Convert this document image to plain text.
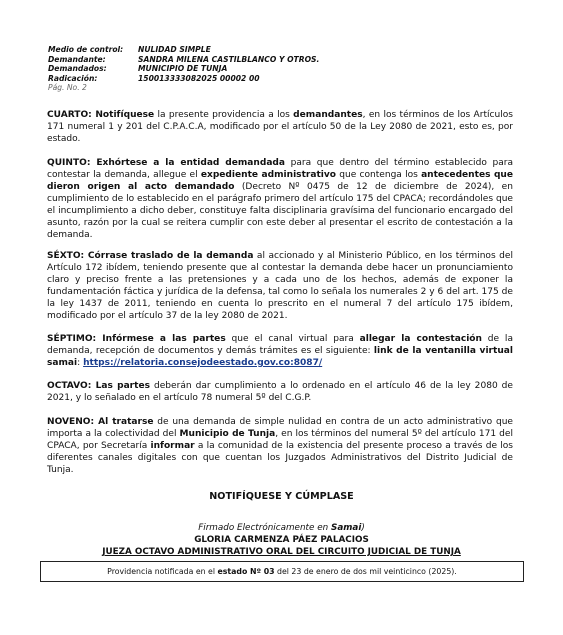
Medio de control:	NULIDAD SIMPLE
Demandante:	SANDRA MILENA CASTILBLANCO Y OTROS.
Demandados:	MUNICIPIO DE TUNJA
Radicación:	150013333082025 00002 00
Pág. No. 2

CUARTO: Notifíquese la presente providencia a los demandantes, en los términos de los Artículos 171 numeral 1 y 201 del C.P.A.C.A, modificado por el artículo 50 de la Ley 2080 de 2021, esto es, por estado.

QUINTO: Exhórtese a la entidad demandada para que dentro del término establecido para contestar la demanda, allegue el expediente administrativo que contenga los antecedentes que dieron origen al acto demandado (Decreto Nº 0475 de 12 de diciembre de 2024), en cumplimiento de lo establecido en el parágrafo primero del artículo 175 del CPACA; recordándoles que el incumplimiento a dicho deber, constituye falta disciplinaria gravísima del funcionario encargado del asunto, razón por la cual se reitera cumplir con este deber al presentar el escrito de contestación a la demanda.

SÉXTO: Córrase traslado de la demanda al accionado y al Ministerio Público, en los términos del Artículo 172 ibídem, teniendo presente que al contestar la demanda debe hacer un pronunciamiento claro y preciso frente a las pretensiones y a cada uno de los hechos, además de exponer la fundamentación fáctica y jurídica de la defensa, tal como lo señala los numerales 2 y 6 del art. 175 de la ley 1437 de 2011, teniendo en cuenta lo prescrito en el numeral 7 del artículo 175 ibídem, modificado por el artículo 37 de la ley 2080 de 2021.

SÉPTIMO: Infórmese a las partes que el canal virtual para allegar la contestación de la demanda, recepción de documentos y demás trámites es el siguiente: link de la ventanilla virtual samai: https://relatoria.consejodeestado.gov.co:8087/

OCTAVO: Las partes deberán dar cumplimiento a lo ordenado en el artículo 46 de la ley 2080 de 2021, y lo señalado en el artículo 78 numeral 5º del C.G.P.

NOVENO: Al tratarse de una demanda de simple nulidad en contra de un acto administrativo que importa a la colectividad del Municipio de Tunja, en los términos del numeral 5º del artículo 171 del CPACA, por Secretaría informar a la comunidad de la existencia del presente proceso a través de los diferentes canales digitales con que cuentan los Juzgados Administrativos del Distrito Judicial de Tunja.

NOTIFÍQUESE Y CÚMPLASE
Firmado Electrónicamente en Samai)
GLORIA CARMENZA PÁEZ PALACIOS
JUEZA OCTAVO ADMINISTRATIVO ORAL DEL CIRCUITO JUDICIAL DE TUNJA
Providencia notificada en el estado Nº 03 del 23 de enero de dos mil veinticinco (2025).
